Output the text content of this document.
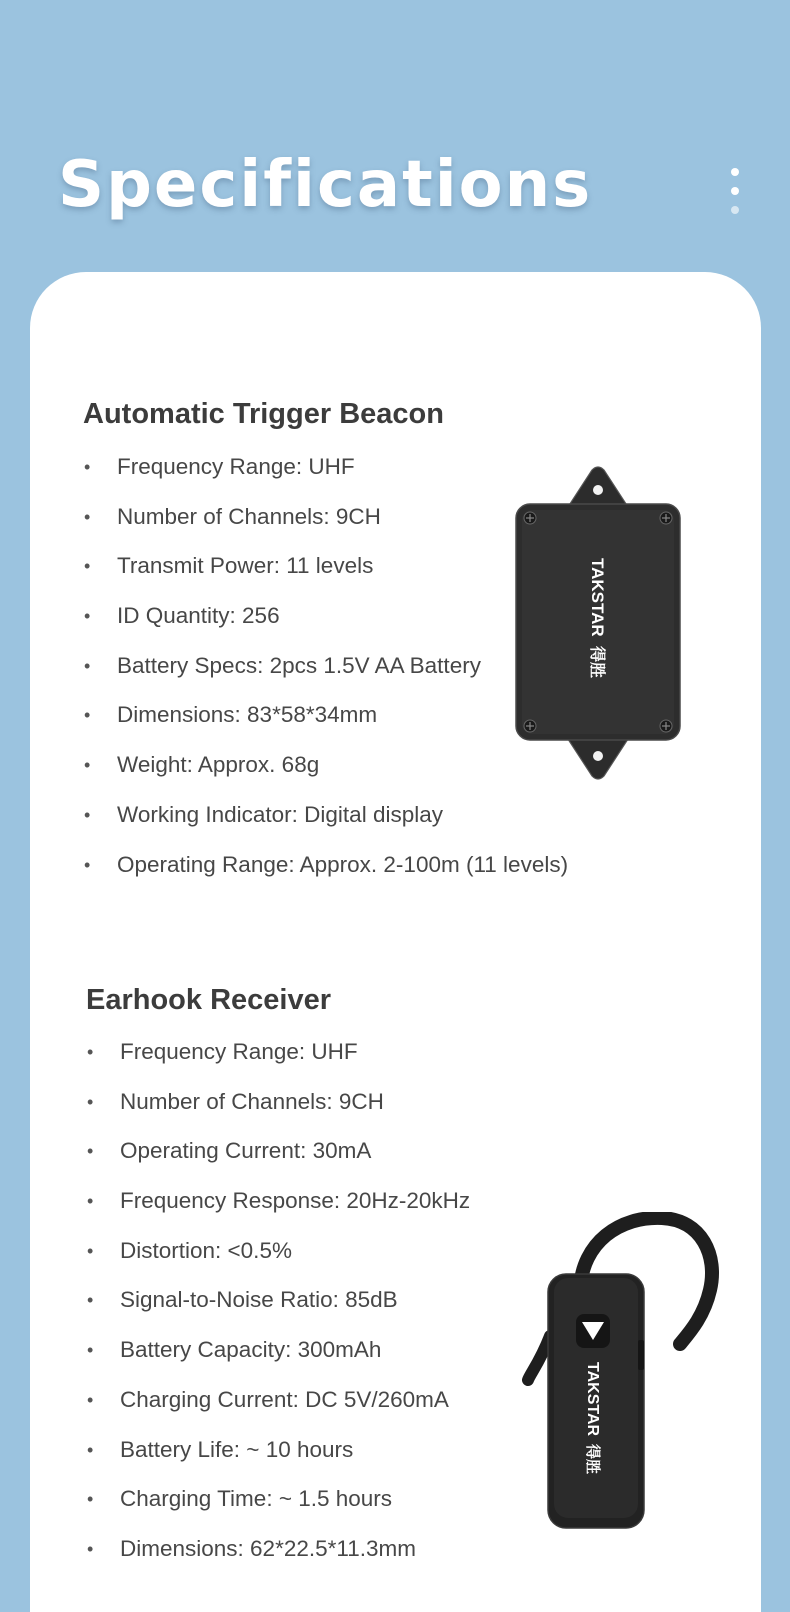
Specifications
Automatic Trigger Beacon
• Frequency Range: UHF
• Number of Channels: 9CH
• Transmit Power: 11 levels
• ID Quantity: 256
• Battery Specs: 2pcs 1.5V AA Battery
• Dimensions: 83*58*34mm
• Weight: Approx. 68g
• Working Indicator: Digital display
• Operating Range: Approx. 2-100m (11 levels)
TAKSTAR
得胜
Earhook Receiver
• Frequency Range: UHF
• Number of Channels: 9CH
• Operating Current: 30mA
• Frequency Response: 20Hz-20kHz
• Distortion: <0.5%
• Signal-to-Noise Ratio: 85dB
• Battery Capacity: 300mAh
• Charging Current: DC 5V/260mA
• Battery Life: ~ 10 hours
• Charging Time: ~ 1.5 hours
• Dimensions: 62*22.5*11.3mm
TAKSTAR
得胜
